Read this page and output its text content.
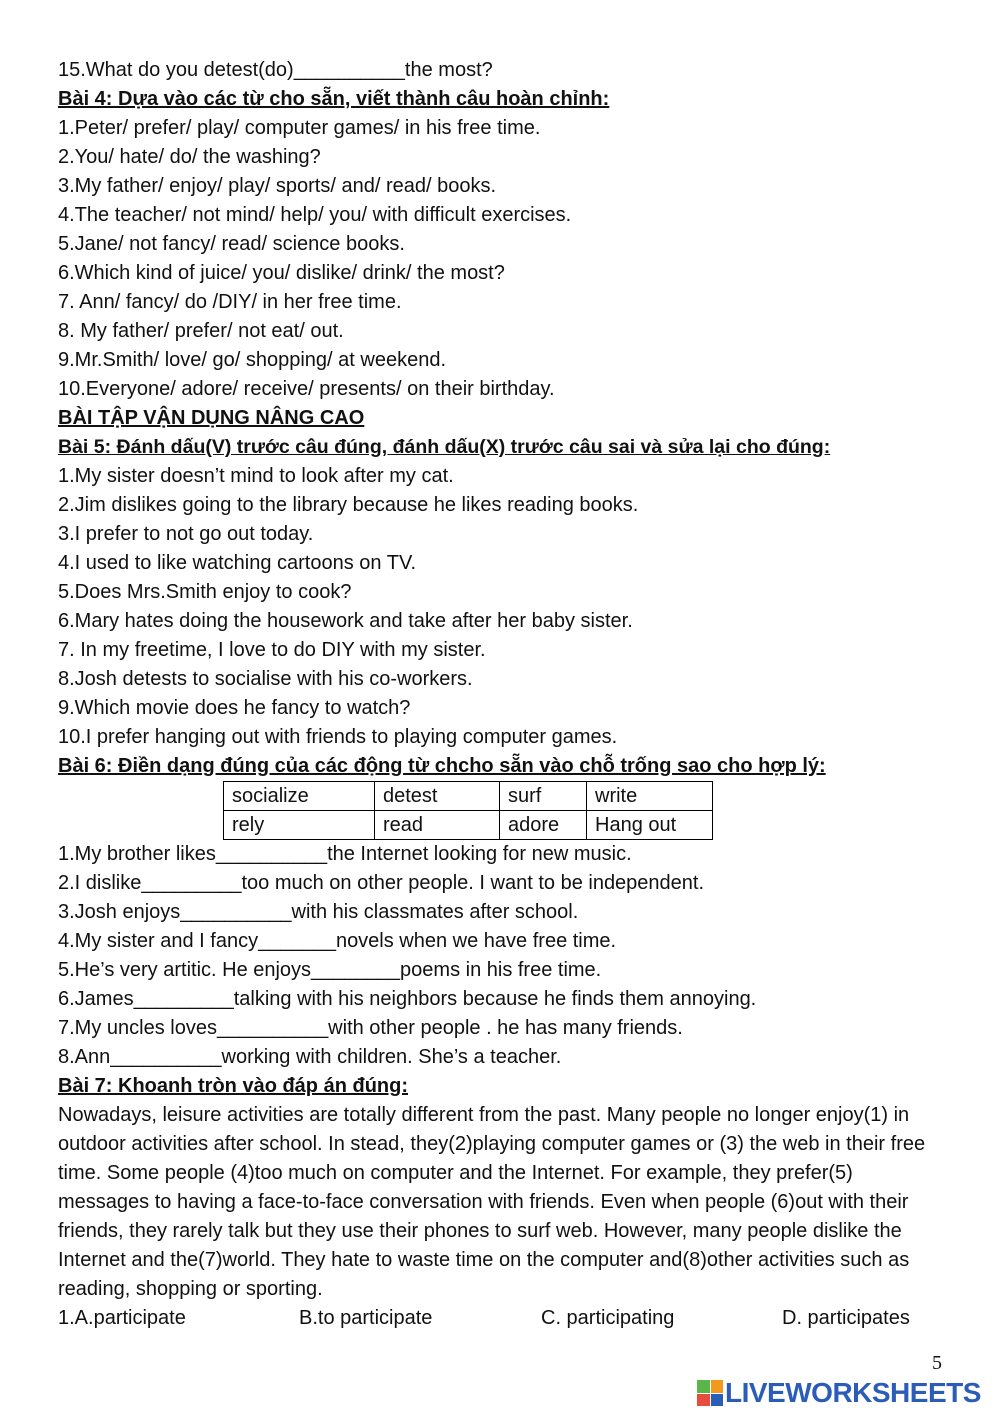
15.What do you detest(do)__________the most?
Bài 4: Dựa vào các từ cho sẵn, viết thành câu hoàn chỉnh:
1.Peter/ prefer/ play/ computer games/ in his free time.
2.You/ hate/ do/ the washing?
3.My father/ enjoy/ play/ sports/ and/ read/ books.
4.The teacher/ not mind/ help/ you/ with difficult exercises.
5.Jane/ not fancy/ read/ science books.
6.Which kind of juice/ you/ dislike/ drink/ the most?
7. Ann/ fancy/ do /DIY/ in her free time.
8. My father/ prefer/ not eat/ out.
9.Mr.Smith/ love/ go/ shopping/ at weekend.
10.Everyone/ adore/ receive/ presents/ on their birthday.
BÀI TẬP VẬN DỤNG NÂNG CAO
Bài 5: Đánh dấu(V) trước câu đúng, đánh dấu(X) trước câu sai và sửa lại cho đúng:
1.My sister doesn’t mind to look after my cat.
2.Jim dislikes going to the library because he likes reading books.
3.I prefer to not go out today.
4.I used to like watching cartoons on TV.
5.Does Mrs.Smith enjoy to cook?
6.Mary hates doing the housework and take after her baby sister.
7. In my freetime, I love to do DIY with my sister.
8.Josh detests to socialise with his co-workers.
9.Which movie does he fancy to watch?
10.I prefer hanging out with friends to playing computer games.
Bài 6: Điền dạng đúng của các động từ chcho sẵn vào chỗ trống sao cho hợp lý:
socialize	detest	surf	write
rely	read	adore	Hang out
1.My brother likes__________the Internet looking for new music.
2.I dislike_________too much on other people. I want to be independent.
3.Josh enjoys__________with his classmates after school.
4.My sister and I fancy_______novels when we have free time.
5.He’s very artitic. He enjoys________poems in his free time.
6.James_________talking with his neighbors because he finds them annoying.
7.My uncles loves__________with other people . he has many friends.
8.Ann__________working with children. She’s a teacher.
Bài 7: Khoanh tròn vào đáp án đúng:
Nowadays, leisure activities are totally different from the past. Many people no longer enjoy(1) in outdoor activities after school. In stead, they(2)playing computer games or (3) the web in their free time. Some people (4)too much on computer and the Internet. For example, they prefer(5) messages to having a face-to-face conversation with friends. Even when people (6)out with their friends, they rarely talk but they use their phones to surf web. However, many people dislike the Internet and the(7)world. They hate to waste time on the computer and(8)other activities such as reading, shopping or sporting.
1.A.participate	B.to participate	C. participating	D. participates
5
LIVEWORKSHEETS
